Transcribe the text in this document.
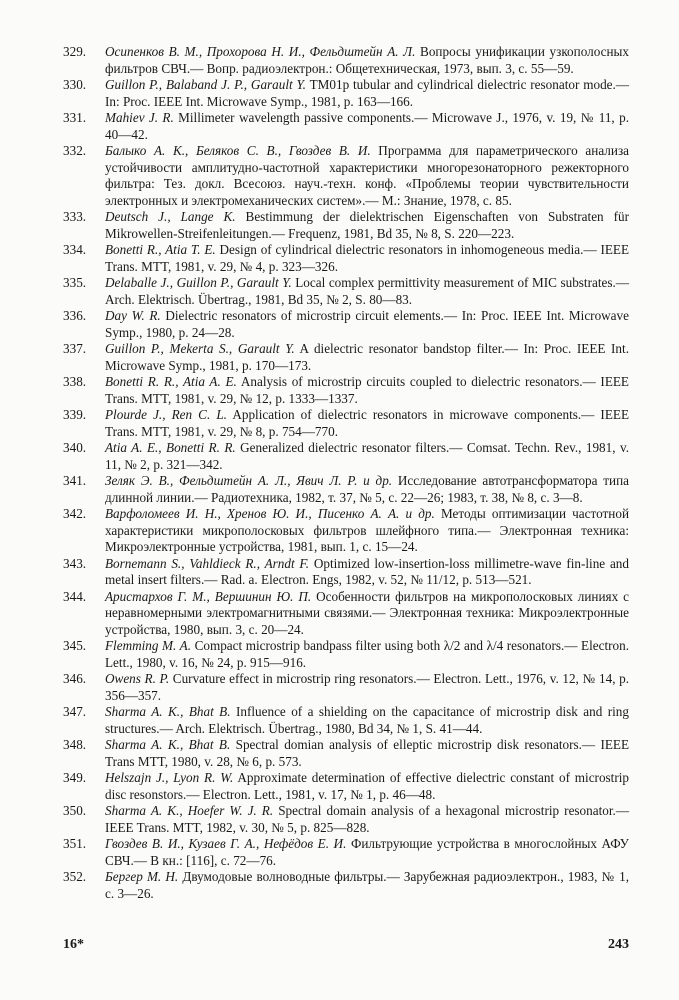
329. Осипенков В. М., Прохорова Н. И., Фельдштейн А. Л. Вопросы унификации узкополосных фильтров СВЧ.— Вопр. радиоэлектрон.: Общетехническая, 1973, вып. 3, с. 55—59.
330. Guillon P., Balaband J. P., Garault Y. TM01p tubular and cylindrical dielectric resonator mode.— In: Proc. IEEE Int. Microwave Symp., 1981, p. 163—166.
331. Mahiev J. R. Millimeter wavelength passive components.— Microwave J., 1976, v. 19, № 11, p. 40—42.
332. Балыко А. К., Беляков С. В., Гвоздев В. И. Программа для параметрического анализа устойчивости амплитудно-частотной характеристики многорезонаторного режекторного фильтра: Тез. докл. Всесоюз. науч.-техн. конф. «Проблемы теории чувствительности электронных и электромеханических систем».— М.: Знание, 1978, с. 85.
333. Deutsch J., Lange K. Bestimmung der dielektrischen Eigenschaften von Substraten für Mikrowellen-Streifenleitungen.— Frequenz, 1981, Bd 35, № 8, S. 220—223.
334. Bonetti R., Atia T. E. Design of cylindrical dielectric resonators in inhomogeneous media.— IEEE Trans. MTT, 1981, v. 29, № 4, p. 323—326.
335. Delaballe J., Guillon P., Garault Y. Local complex permittivity measurement of MIC substrates.— Arch. Elektrisch. Übertrag., 1981, Bd 35, № 2, S. 80—83.
336. Day W. R. Dielectric resonators of microstrip circuit elements.— In: Proc. IEEE Int. Microwave Symp., 1980, p. 24—28.
337. Guillon P., Mekerta S., Garault Y. A dielectric resonator bandstop filter.— In: Proc. IEEE Int. Microwave Symp., 1981, p. 170—173.
338. Bonetti R. R., Atia A. E. Analysis of microstrip circuits coupled to dielectric resonators.— IEEE Trans. MTT, 1981, v. 29, № 12, p. 1333—1337.
339. Plourde J., Ren C. L. Application of dielectric resonators in microwave components.— IEEE Trans. MTT, 1981, v. 29, № 8, p. 754—770.
340. Atia A. E., Bonetti R. R. Generalized dielectric resonator filters.— Comsat. Techn. Rev., 1981, v. 11, № 2, p. 321—342.
341. Зеляк Э. В., Фельдштейн А. Л., Явич Л. Р. и др. Исследование автотрансформатора типа длинной линии.— Радиотехника, 1982, т. 37, № 5, с. 22—26; 1983, т. 38, № 8, с. 3—8.
342. Варфоломеев И. Н., Хренов Ю. И., Писенко А. А. и др. Методы оптимизации частотной характеристики микрополосковых фильтров шлейфного типа.— Электронная техника: Микроэлектронные устройства, 1981, вып. 1, с. 15—24.
343. Bornemann S., Vahldieck R., Arndt F. Optimized low-insertion-loss millimetre-wave fin-line and metal insert filters.— Rad. a. Electron. Engs, 1982, v. 52, № 11/12, p. 513—521.
344. Аристархов Г. М., Вершинин Ю. П. Особенности фильтров на микрополосковых линиях с неравномерными электромагнитными связями.— Электронная техника: Микроэлектронные устройства, 1980, вып. 3, с. 20—24.
345. Flemming M. A. Compact microstrip bandpass filter using both λ/2 and λ/4 resonators.— Electron. Lett., 1980, v. 16, № 24, p. 915—916.
346. Owens R. P. Curvature effect in microstrip ring resonators.— Electron. Lett., 1976, v. 12, № 14, p. 356—357.
347. Sharma A. K., Bhat B. Influence of a shielding on the capacitance of microstrip disk and ring structures.— Arch. Elektrisch. Übertrag., 1980, Bd 34, № 1, S. 41—44.
348. Sharma A. K., Bhat B. Spectral domian analysis of elleptic microstrip disk resonators.— IEEE Trans MTT, 1980, v. 28, № 6, p. 573.
349. Helszajn J., Lyon R. W. Approximate determination of effective dielectric constant of microstrip disc resonstors.— Electron. Lett., 1981, v. 17, № 1, p. 46—48.
350. Sharma A. K., Hoefer W. J. R. Spectral domain analysis of a hexagonal microstrip resonator.— IEEE Trans. MTT, 1982, v. 30, № 5, p. 825—828.
351. Гвоздев В. И., Кузаев Г. А., Нефёдов Е. И. Фильтрующие устройства в многослойных АФУ СВЧ.— В кн.: [116], с. 72—76.
352. Бергер М. Н. Двумодовые волноводные фильтры.— Зарубежная радиоэлектрон., 1983, № 1, с. 3—26.
16*	243
